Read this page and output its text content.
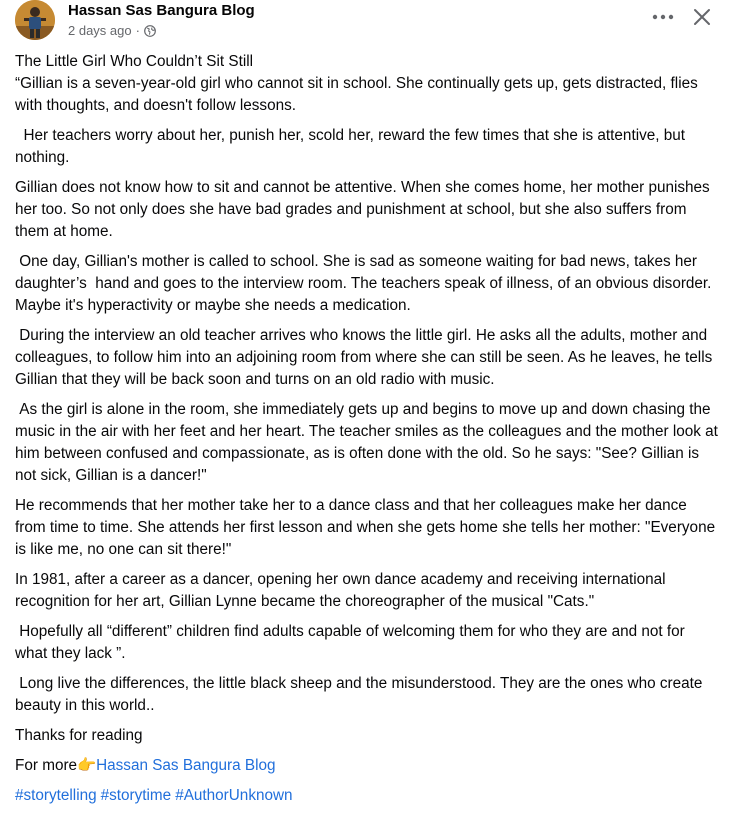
Hassan Sas Bangura Blog
2 days ago ·

The Little Girl Who Couldn’t Sit Still

“Gillian is a seven-year-old girl who cannot sit in school. She continually gets up, gets distracted, flies with thoughts, and doesn't follow lessons.

Her teachers worry about her, punish her, scold her, reward the few times that she is attentive, but nothing.

Gillian does not know how to sit and cannot be attentive. When she comes home, her mother punishes her too. So not only does she have bad grades and punishment at school, but she also suffers from them at home.

One day, Gillian's mother is called to school. She is sad as someone waiting for bad news, takes her daughter’s  hand and goes to the interview room. The teachers speak of illness, of an obvious disorder. Maybe it's hyperactivity or maybe she needs a medication.

During the interview an old teacher arrives who knows the little girl. He asks all the adults, mother and colleagues, to follow him into an adjoining room from where she can still be seen. As he leaves, he tells Gillian that they will be back soon and turns on an old radio with music.

As the girl is alone in the room, she immediately gets up and begins to move up and down chasing the music in the air with her feet and her heart. The teacher smiles as the colleagues and the mother look at him between confused and compassionate, as is often done with the old. So he says: "See? Gillian is not sick, Gillian is a dancer!"

He recommends that her mother take her to a dance class and that her colleagues make her dance from time to time. She attends her first lesson and when she gets home she tells her mother: "Everyone is like me, no one can sit there!"

In 1981, after a career as a dancer, opening her own dance academy and receiving international recognition for her art, Gillian Lynne became the choreographer of the musical "Cats."

Hopefully all “different” children find adults capable of welcoming them for who they are and not for what they lack ”.

Long live the differences, the little black sheep and the misunderstood. They are the ones who create beauty in this world..

Thanks for reading

For more👉Hassan Sas Bangura Blog

#storytelling #storytime #AuthorUnknown
